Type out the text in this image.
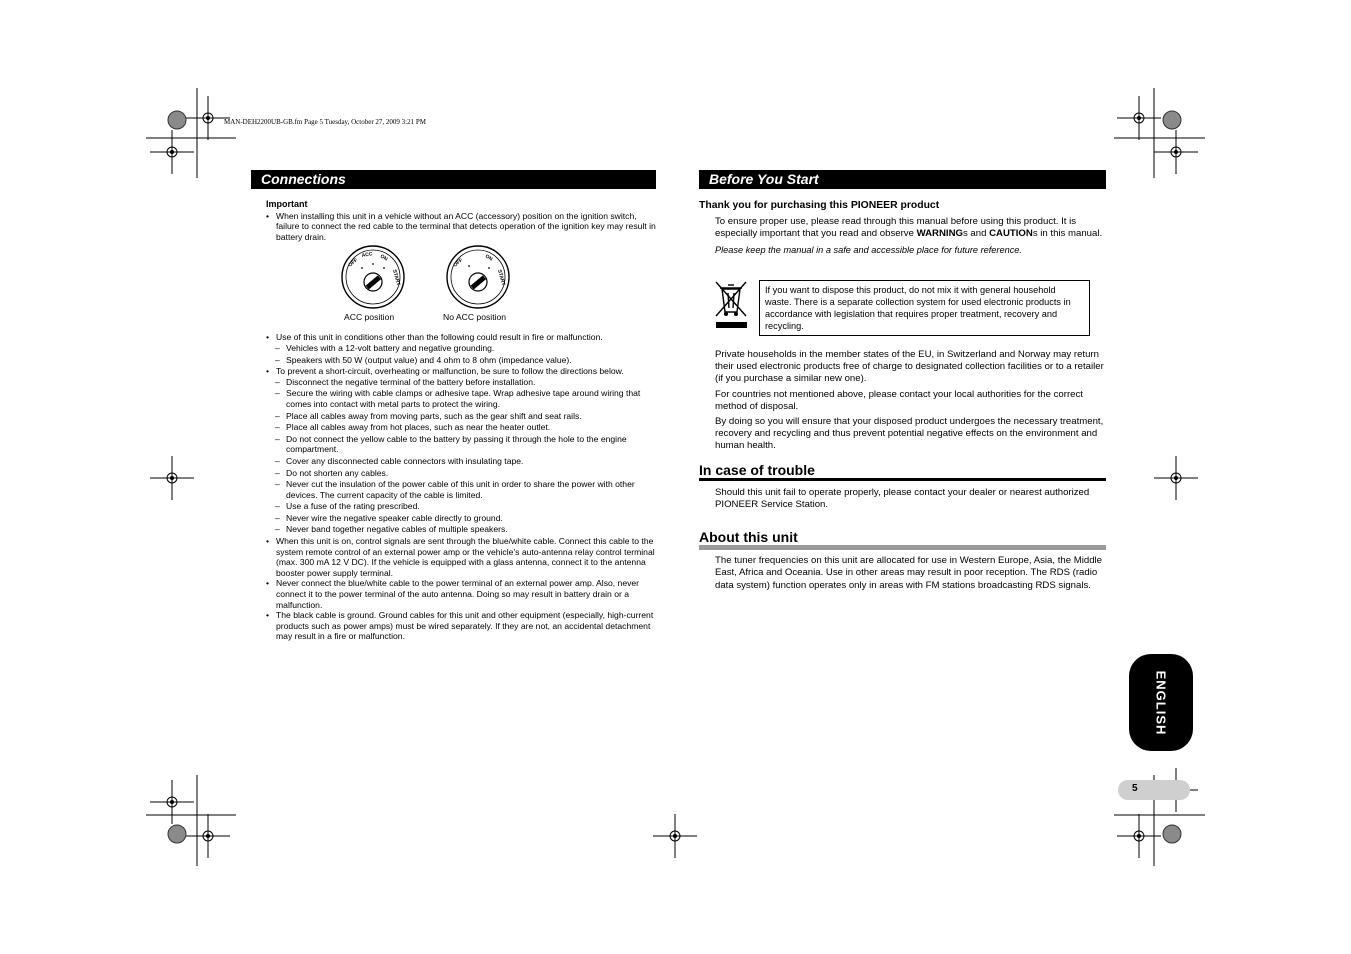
MAN-DEH2200UB-GB.fm Page 5 Tuesday, October 27, 2009 3:21 PM
Connections
Important
• When installing this unit in a vehicle without an ACC (accessory) position on the ignition switch, failure to connect the red cable to the terminal that detects operation of the ignition key may result in battery drain.
OFF
ACC ON
START
ACC position
OFF	ON
START
No ACC position
• Use of this unit in conditions other than the following could result in fire or malfunction.
– Vehicles with a 12-volt battery and negative grounding.
– Speakers with 50 W (output value) and 4 ohm to 8 ohm (impedance value).
• To prevent a short-circuit, overheating or malfunction, be sure to follow the directions below.
– Disconnect the negative terminal of the battery before installation.
– Secure the wiring with cable clamps or adhesive tape. Wrap adhesive tape around wiring that comes into contact with metal parts to protect the wiring.
– Place all cables away from moving parts, such as the gear shift and seat rails.
– Place all cables away from hot places, such as near the heater outlet.
– Do not connect the yellow cable to the battery by passing it through the hole to the engine compartment.
– Cover any disconnected cable connectors with insulating tape.
– Do not shorten any cables.
– Never cut the insulation of the power cable of this unit in order to share the power with other devices. The current capacity of the cable is limited.
– Use a fuse of the rating prescribed.
– Never wire the negative speaker cable directly to ground.
– Never band together negative cables of multiple speakers.
• When this unit is on, control signals are sent through the blue/white cable. Connect this cable to the system remote control of an external power amp or the vehicle’s auto-antenna relay control terminal (max. 300 mA 12 V DC). If the vehicle is equipped with a glass antenna, connect it to the antenna booster power supply terminal.
• Never connect the blue/white cable to the power terminal of an external power amp. Also, never connect it to the power terminal of the auto antenna. Doing so may result in battery drain or a malfunction.
• The black cable is ground. Ground cables for this unit and other equipment (especially, high-current products such as power amps) must be wired separately. If they are not, an accidental detachment may result in a fire or malfunction.
Before You Start
Thank you for purchasing this PIONEER product
To ensure proper use, please read through this manual before using this product. It is especially important that you read and observe WARNINGs and CAUTIONs in this manual.
Please keep the manual in a safe and accessible place for future reference.
If you want to dispose this product, do not mix it with general household waste. There is a separate collection system for used electronic products in accordance with legislation that requires proper treatment, recovery and recycling.
Private households in the member states of the EU, in Switzerland and Norway may return their used electronic products free of charge to designated collection facilities or to a retailer (if you purchase a similar new one).
For countries not mentioned above, please contact your local authorities for the correct method of disposal.
By doing so you will ensure that your disposed product undergoes the necessary treatment, recovery and recycling and thus prevent potential negative effects on the environment and human health.
In case of trouble
Should this unit fail to operate properly, please contact your dealer or nearest authorized PIONEER Service Station.
About this unit
The tuner frequencies on this unit are allocated for use in Western Europe, Asia, the Middle East, Africa and Oceania. Use in other areas may result in poor reception. The RDS (radio data system) function operates only in areas with FM stations broadcasting RDS signals.
ENGLISH
5
